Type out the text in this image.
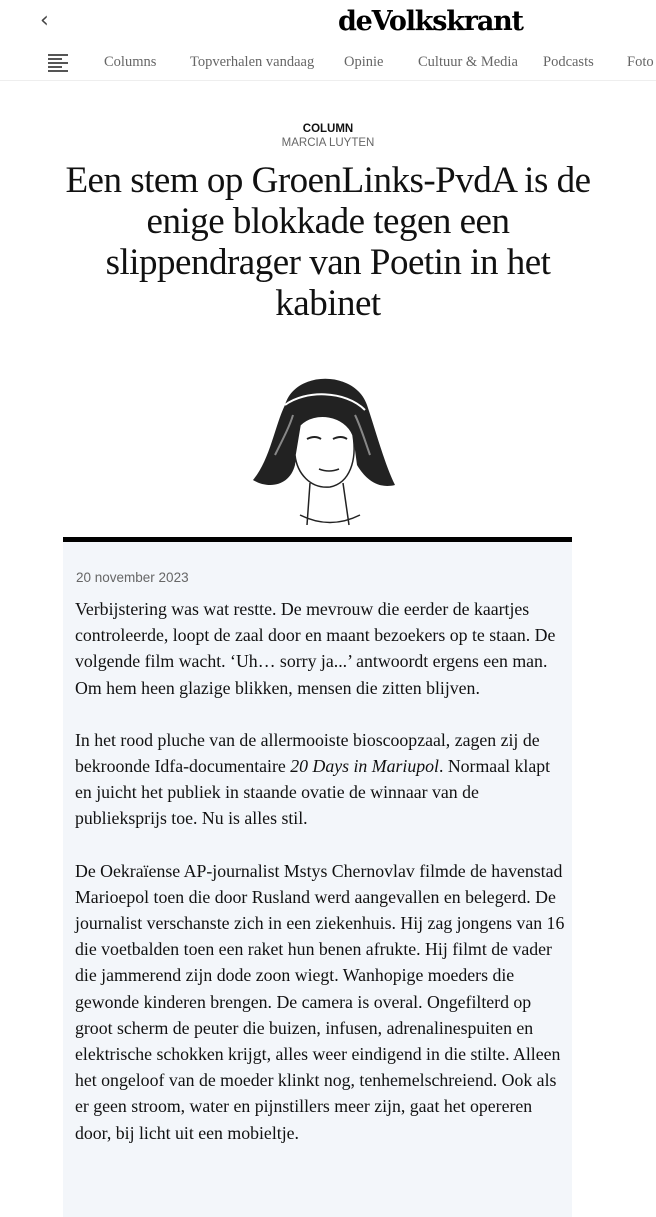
‹	deVolkskrant
Columns Topverhalen vandaag Opinie Cultuur & Media Podcasts Foto
COLUMN
MARCIA LUYTEN
Een stem op GroenLinks-PvdA is de enige blokkade tegen een slippendrager van Poetin in het kabinet
20 november 2023

Verbijstering was wat restte. De mevrouw die eerder de kaartjes controleerde, loopt de zaal door en maant bezoekers op te staan. De volgende film wacht. ‘Uh… sorry ja...’ antwoordt ergens een man. Om hem heen glazige blikken, mensen die zitten blijven.

In het rood pluche van de allermooiste bioscoopzaal, zagen zij de bekroonde Idfa-documentaire 20 Days in Mariupol. Normaal klapt en juicht het publiek in staande ovatie de winnaar van de publieksprijs toe. Nu is alles stil.

De Oekraïense AP-journalist Mstys Chernovlav filmde de havenstad Marioepol toen die door Rusland werd aangevallen en belegerd. De journalist verschanste zich in een ziekenhuis. Hij zag jongens van 16 die voetbalden toen een raket hun benen afrukte. Hij filmt de vader die jammerend zijn dode zoon wiegt. Wanhopige moeders die gewonde kinderen brengen. De camera is overal. Ongefilterd op groot scherm de peuter die buizen, infusen, adrenalinespuiten en elektrische schokken krijgt, alles weer eindigend in die stilte. Alleen het ongeloof van de moeder klinkt nog, tenhemelschreiend. Ook als er geen stroom, water en pijnstillers meer zijn, gaat het opereren door, bij licht uit een mobieltje.
